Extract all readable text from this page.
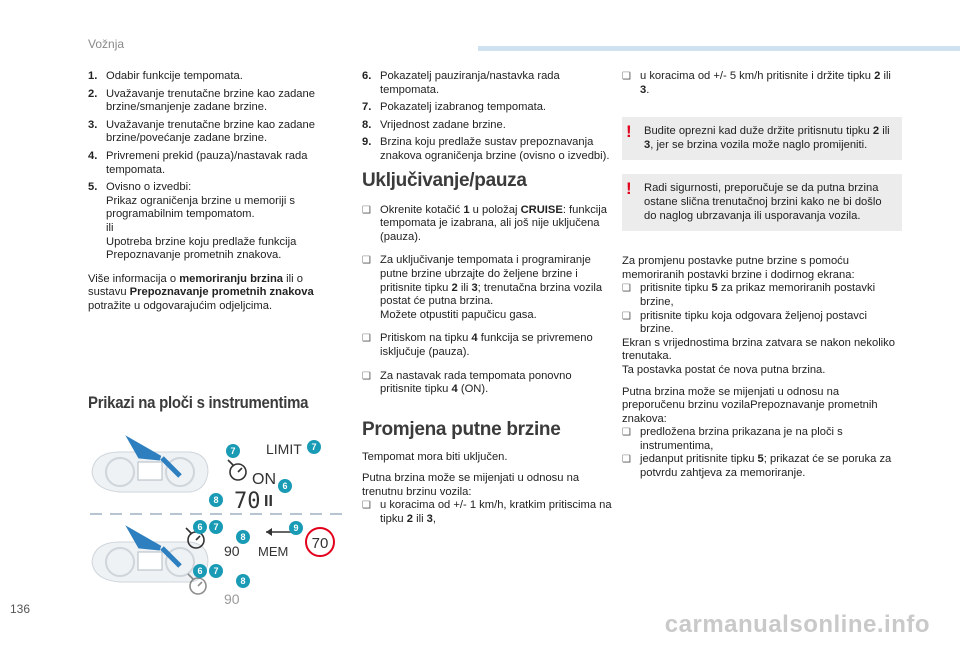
Vožnja
1. Odabir funkcije tempomata.
2. Uvažavanje trenutačne brzine kao zadane brzine/smanjenje zadane brzine.
3. Uvažavanje trenutačne brzine kao zadane brzine/povećanje zadane brzine.
4. Privremeni prekid (pauza)/nastavak rada tempomata.
5. Ovisno o izvedbi:
Prikaz ograničenja brzine u memoriji s programabilnim tempomatom.
ili
Upotreba brzine koju predlaže funkcija Prepoznavanje prometnih znakova.

Više informacija o memoriranju brzina ili o sustavu Prepoznavanje prometnih znakova potražite u odgovarajućim odjeljcima.

Prikazi na ploči s instrumentima
LIMIT
ON
70 II
90 MEM 70
90
7	7
6
8
6 7
8
9
6 7
8
6. Pokazatelj pauziranja/nastavka rada tempomata.
7. Pokazatelj izabranog tempomata.
8. Vrijednost zadane brzine.
9. Brzina koju predlaže sustav prepoznavanja znakova ograničenja brzine (ovisno o izvedbi).
Uključivanje/pauza
❑ Okrenite kotačić 1 u položaj CRUISE: funkcija tempomata je izabrana, ali još nije uključena (pauza).
❑ Za uključivanje tempomata i programiranje putne brzine ubrzajte do željene brzine i pritisnite tipku 2 ili 3; trenutačna brzina vozila postat će putna brzina.
Možete otpustiti papučicu gasa.
❑ Pritiskom na tipku 4 funkcija se privremeno isključuje (pauza).
❑ Za nastavak rada tempomata ponovno pritisnite tipku 4 (ON).
Promjena putne brzine

Tempomat mora biti uključen.

Putna brzina može se mijenjati u odnosu na trenutnu brzinu vozila:

❑ u koracima od +/- 1 km/h, kratkim pritiscima na tipku 2 ili 3,
❑ u koracima od +/- 5 km/h pritisnite i držite tipku 2 ili 3.
! Budite oprezni kad duže držite pritisnutu tipku 2 ili 3, jer se brzina vozila može naglo promijeniti.
! Radi sigurnosti, preporučuje se da putna brzina ostane slična trenutačnoj brzini kako ne bi došlo do naglog ubrzavanja ili usporavanja vozila.

Za promjenu postavke putne brzine s pomoću memoriranih postavki brzine i dodirnog ekrana:

❑ pritisnite tipku 5 za prikaz memoriranih postavki brzine,
❑ pritisnite tipku koja odgovara željenoj postavci brzine.

Ekran s vrijednostima brzina zatvara se nakon nekoliko trenutaka.
Ta postavka postat će nova putna brzina.

Putna brzina može se mijenjati u odnosu na preporučenu brzinu vozilaPrepoznavanje prometnih znakova:

❑ predložena brzina prikazana je na ploči s instrumentima,
❑ jedanput pritisnite tipku 5; prikazat će se poruka za potvrdu zahtjeva za memoriranje.
136
carmanualsonline.info
